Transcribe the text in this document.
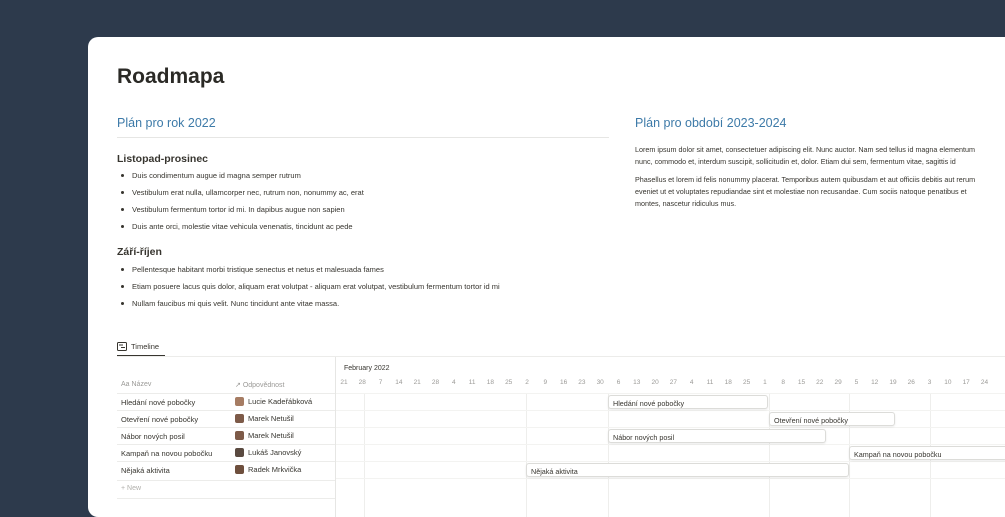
Roadmapa
Plán pro rok 2022
Listopad-prosinec
Duis condimentum augue id magna semper rutrum
Vestibulum erat nulla, ullamcorper nec, rutrum non, nonummy ac, erat
Vestibulum fermentum tortor id mi. In dapibus augue non sapien
Duis ante orci, molestie vitae vehicula venenatis, tincidunt ac pede
Září-říjen
Pellentesque habitant morbi tristique senectus et netus et malesuada fames
Etiam posuere lacus quis dolor, aliquam erat volutpat - aliquam erat volutpat, vestibulum fermentum tortor id mi
Nullam faucibus mi quis velit. Nunc tincidunt ante vitae massa.
Plán pro období 2023-2024
Lorem ipsum dolor sit amet, consectetuer adipiscing elit. Nunc auctor. Nam sed tellus id magna elementum
nunc, commodo et, interdum suscipit, sollicitudin et, dolor. Etiam dui sem, fermentum vitae, sagittis id
Phasellus et lorem id felis nonummy placerat. Temporibus autem quibusdam et aut officiis debitis aut rerum
eveniet ut et voluptates repudiandae sint et molestiae non recusandae. Cum sociis natoque penatibus et
montes, nascetur ridiculus mus.
Timeline
Aa Název	↗ Odpovědnost
Hledání nové pobočky	Lucie Kadeřábková
Otevření nové pobočky	Marek Netušil
Nábor nových posil	Marek Netušil
Kampaň na novou pobočku	Lukáš Janovský
Nějaká aktivita	Radek Mrkvička
+ New
February 2022
Hledání nové pobočky
Otevření nové pobočky
Nábor nových posil
Kampaň na novou pobočku
Nějaká aktivita
21	28	7	14	21	28	4	11	18	25	2	9	16	23	30	6	13	20	27	4	11	18	25	1	8	15	22	29	5	12	19	26	3	10	17	24
